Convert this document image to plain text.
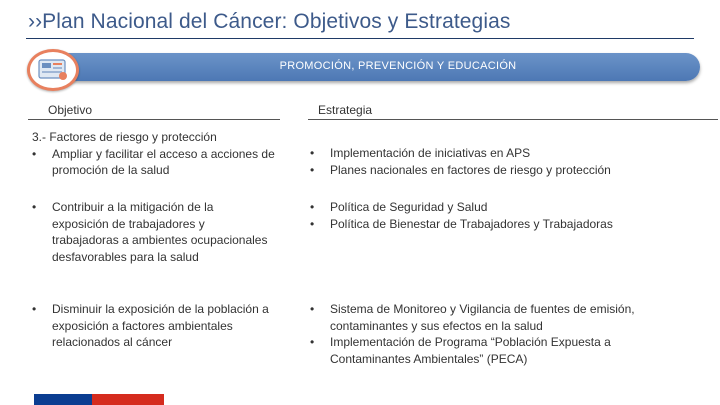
››Plan Nacional del Cáncer: Objetivos y Estrategias
PROMOCIÓN, PREVENCIÓN Y EDUCACIÓN
Objetivo	Estrategia
3.- Factores de riesgo y protección

• Ampliar y facilitar el acceso a acciones de promoción de la salud

• Implementación de iniciativas en APS

• Planes nacionales en factores de riesgo y protección

• Contribuir a la mitigación de la exposición de trabajadores y trabajadoras a ambientes ocupacionales desfavorables para la salud

• Política de Seguridad y Salud

• Política de Bienestar de Trabajadores y Trabajadoras

• Disminuir la exposición de la población a exposición a factores ambientales relacionados al cáncer

• Sistema de Monitoreo y Vigilancia de fuentes de emisión, contaminantes y sus efectos en la salud

• Implementación de Programa “Población Expuesta a Contaminantes Ambientales” (PECA)
